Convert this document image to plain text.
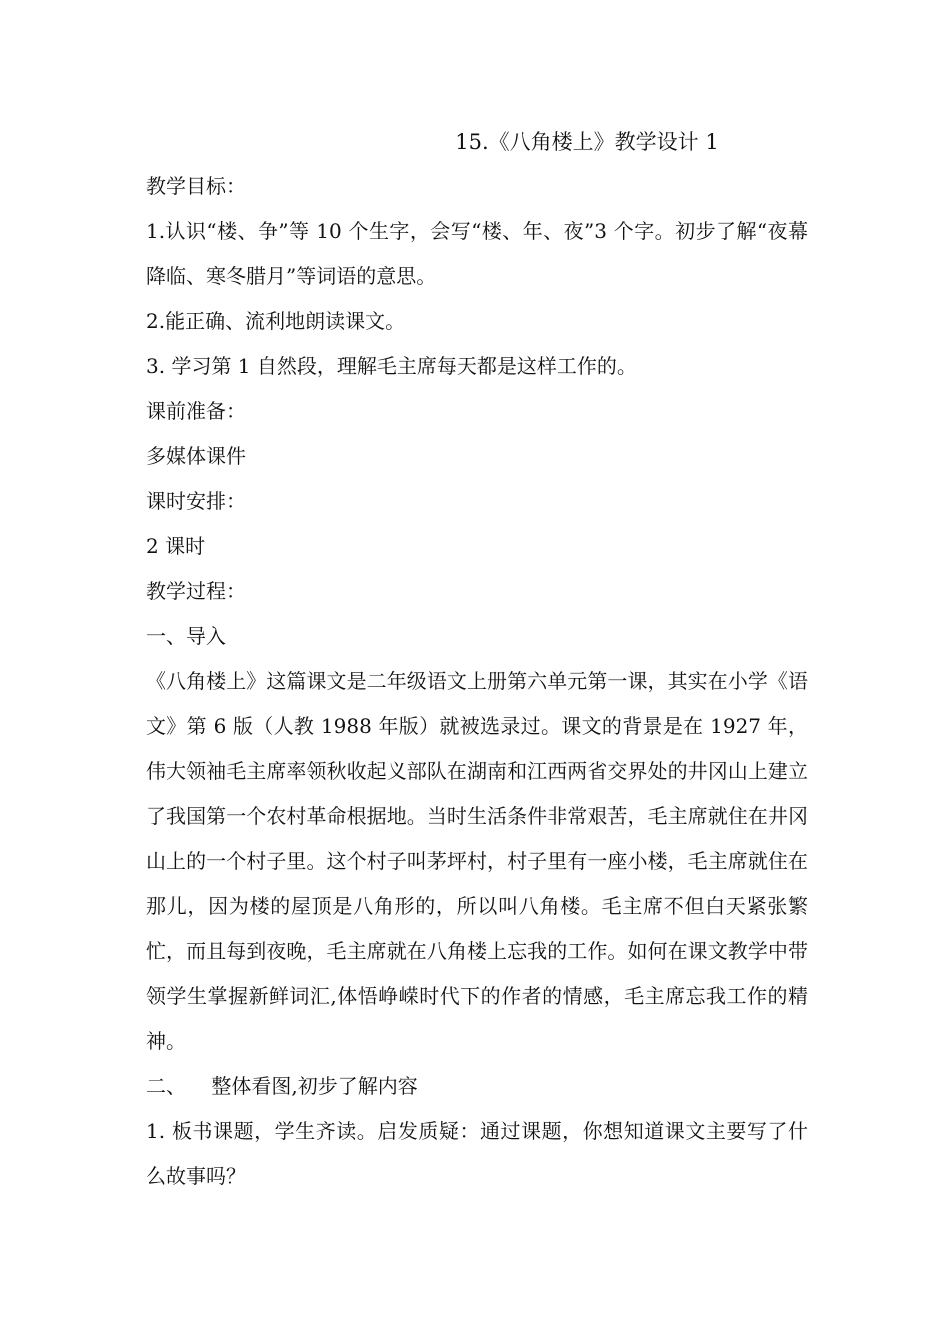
15.《八角楼上》教学设计 1

教学目标：

1.认识“楼、争”等 10 个生字，会写“楼、年、夜”3 个字。初步了解“夜幕降临、寒冬腊月”等词语的意思。

2.能正确、流利地朗读课文。

3. 学习第 1 自然段，理解毛主席每天都是这样工作的。

课前准备：

多媒体课件

课时安排：

2 课时

教学过程：

一、导入

《八角楼上》这篇课文是二年级语文上册第六单元第一课，其实在小学《语文》第 6 版（人教 1988 年版）就被选录过。课文的背景是在 1927 年，伟大领袖毛主席率领秋收起义部队在湖南和江西两省交界处的井冈山上建立了我国第一个农村革命根据地。当时生活条件非常艰苦，毛主席就住在井冈山上的一个村子里。这个村子叫茅坪村，村子里有一座小楼，毛主席就住在那儿，因为楼的屋顶是八角形的，所以叫八角楼。毛主席不但白天紧张繁忙，而且每到夜晚，毛主席就在八角楼上忘我的工作。如何在课文教学中带领学生掌握新鲜词汇,体悟峥嵘时代下的作者的情感，毛主席忘我工作的精神。

二、    整体看图,初步了解内容

1. 板书课题，学生齐读。启发质疑：通过课题，你想知道课文主要写了什么故事吗？
